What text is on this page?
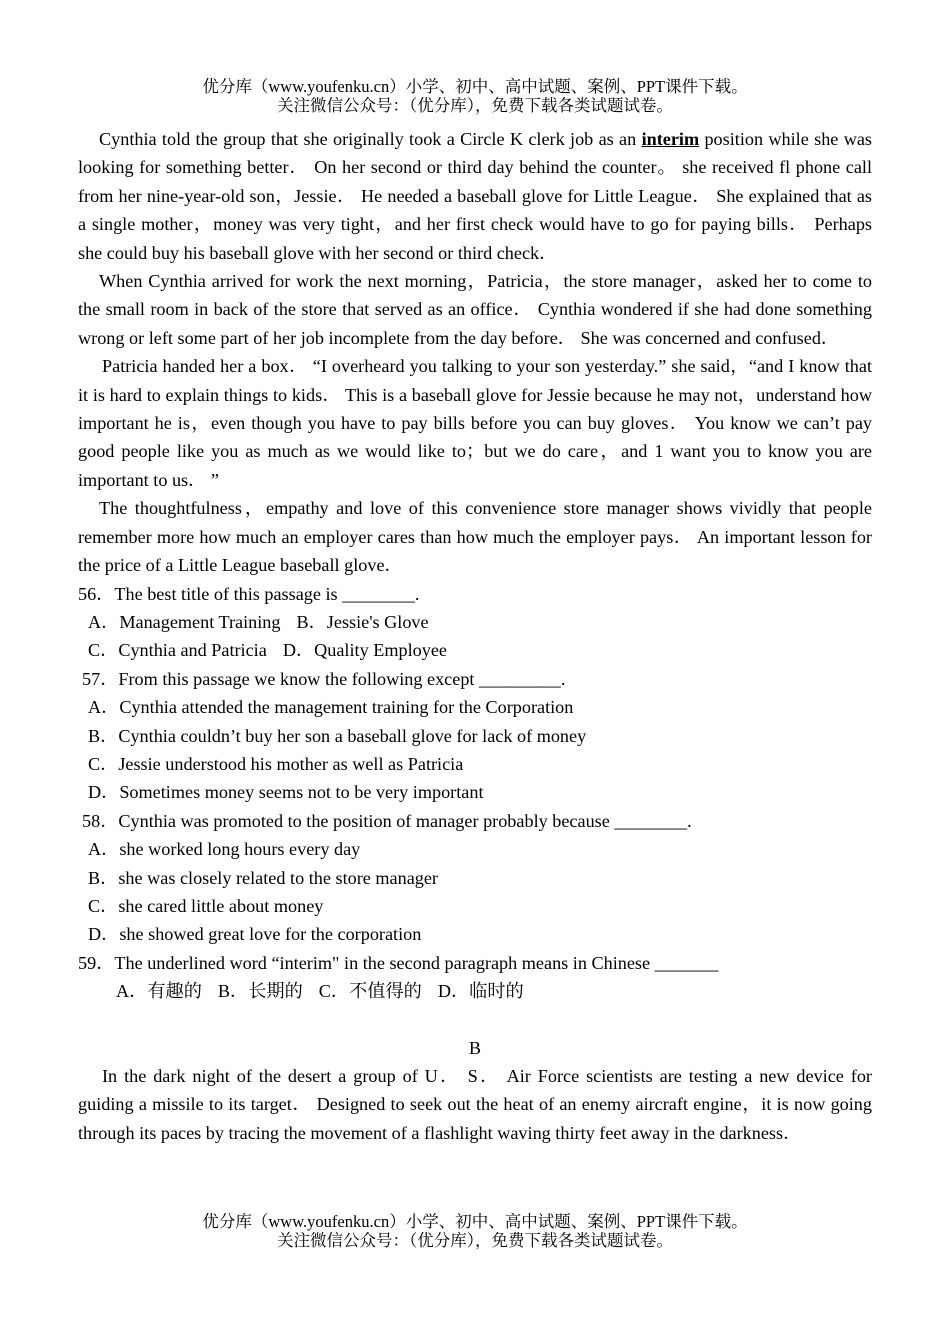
优分库（www.youfenku.cn）小学、初中、高中试题、案例、PPT课件下载。
关注微信公众号：（优分库），免费下载各类试题试卷。

Cynthia told the group that she originally took a Circle K clerk job as an interim position while she was looking for something better． On her second or third day behind the counter。 she received fl phone call from her nine-year-old son，Jessie． He needed a baseball glove for Little League． She explained that as a single mother，money was very tight，and her first check would have to go for paying bills． Perhaps she could buy his baseball glove with her second or third check．

When Cynthia arrived for work the next morning，Patricia，the store manager，asked her to come to the small room in back of the store that served as an office． Cynthia wondered if she had done something wrong or left some part of her job incomplete from the day before． She was concerned and confused．

Patricia handed her a box． “I overheard you talking to your son yesterday.” she said，“and I know that it is hard to explain things to kids． This is a baseball glove for Jessie because he may not，understand how important he is，even though you have to pay bills before you can buy gloves． You know we can’t pay good people like you as much as we would like to；but we do care，and 1 want you to know you are important to us． ”

The thoughtfulness，empathy and love of this convenience store manager shows vividly that people remember more how much an employer cares than how much the employer pays． An important lesson for the price of a Little League baseball glove．

56．The best title of this passage is ________.

A．Management Training B．Jessie's Glove

C．Cynthia and Patricia D．Quality Employee

57．From this passage we know the following except _________.

A．Cynthia attended the management training for the Corporation

B．Cynthia couldn’t buy her son a baseball glove for lack of money

C．Jessie understood his mother as well as Patricia

D．Sometimes money seems not to be very important

58．Cynthia was promoted to the position of manager probably because ________.

A．she worked long hours every day

B．she was closely related to the store manager

C．she cared little about money

D．she showed great love for the corporation

59．The underlined word “interim" in the second paragraph means in Chinese _______

A．有趣的 B．长期的 C．不值得的 D．临时的

B

In the dark night of the desert a group of U． S． Air Force scientists are testing a new device for guiding a missile to its target． Designed to seek out the heat of an enemy aircraft engine，it is now going through its paces by tracing the movement of a flashlight waving thirty feet away in the darkness．

优分库（www.youfenku.cn）小学、初中、高中试题、案例、PPT课件下载。
关注微信公众号：（优分库），免费下载各类试题试卷。
